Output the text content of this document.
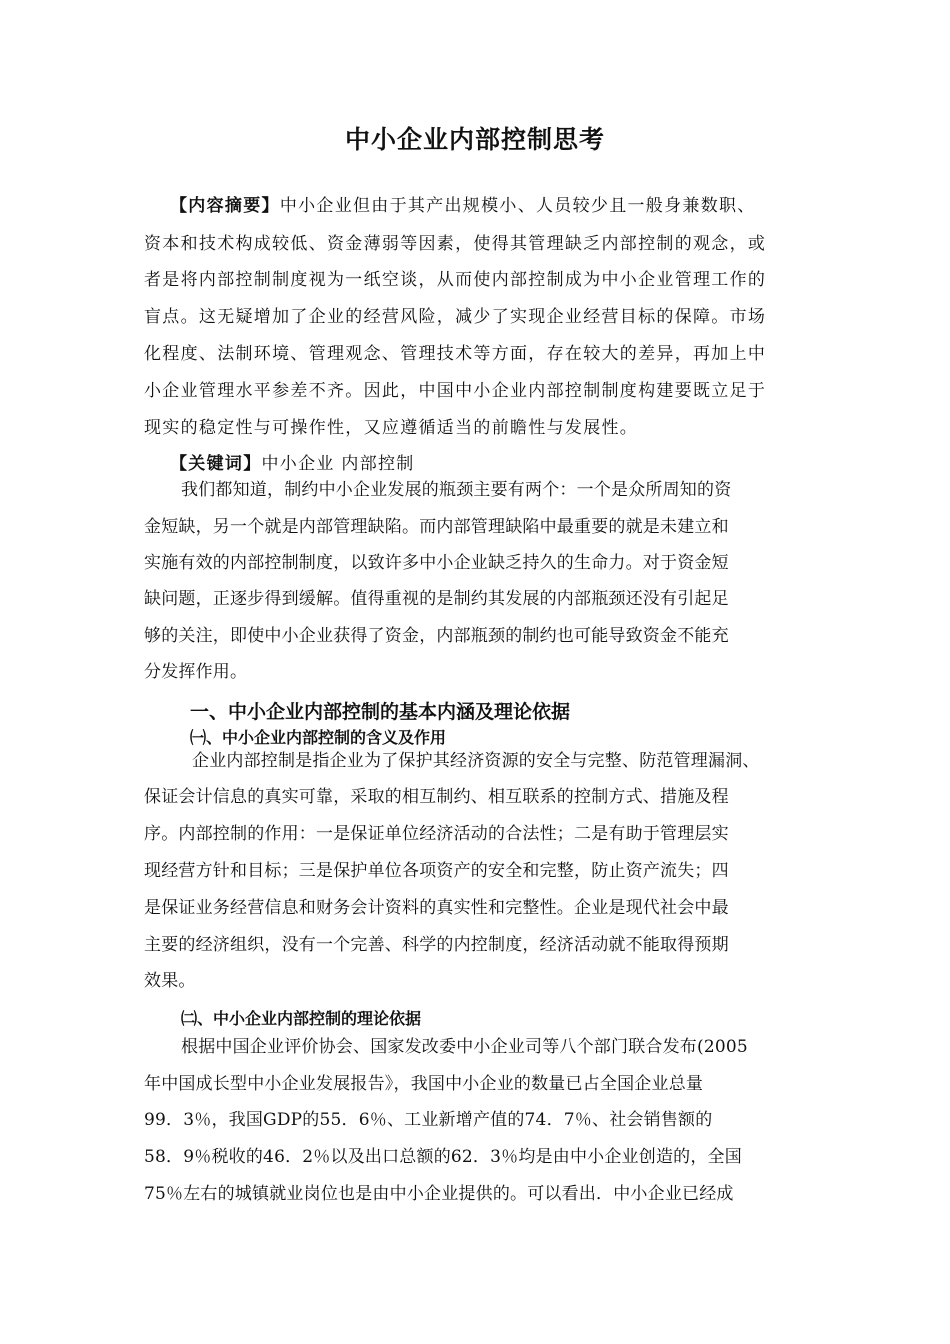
中小企业内部控制思考
【内容摘要】中小企业但由于其产出规模小、人员较少且一般身兼数职、
资本和技术构成较低、资金薄弱等因素，使得其管理缺乏内部控制的观念，或
者是将内部控制制度视为一纸空谈，从而使内部控制成为中小企业管理工作的
盲点。这无疑增加了企业的经营风险，减少了实现企业经营目标的保障。市场
化程度、法制环境、管理观念、管理技术等方面，存在较大的差异，再加上中
小企业管理水平参差不齐。因此，中国中小企业内部控制制度构建要既立足于
现实的稳定性与可操作性，又应遵循适当的前瞻性与发展性。
【关键词】中小企业 内部控制
我们都知道，制约中小企业发展的瓶颈主要有两个：一个是众所周知的资
金短缺，另一个就是内部管理缺陷。而内部管理缺陷中最重要的就是未建立和
实施有效的内部控制制度，以致许多中小企业缺乏持久的生命力。对于资金短
缺问题，正逐步得到缓解。值得重视的是制约其发展的内部瓶颈还没有引起足
够的关注，即使中小企业获得了资金，内部瓶颈的制约也可能导致资金不能充
分发挥作用。
一、中小企业内部控制的基本内涵及理论依据
㈠、中小企业内部控制的含义及作用
企业内部控制是指企业为了保护其经济资源的安全与完整、防范管理漏洞、
保证会计信息的真实可靠，采取的相互制约、相互联系的控制方式、措施及程
序。内部控制的作用：一是保证单位经济活动的合法性；二是有助于管理层实
现经营方针和目标；三是保护单位各项资产的安全和完整，防止资产流失；四
是保证业务经营信息和财务会计资料的真实性和完整性。企业是现代社会中最
主要的经济组织，没有一个完善、科学的内控制度，经济活动就不能取得预期
效果。
㈡、中小企业内部控制的理论依据
根据中国企业评价协会、国家发改委中小企业司等八个部门联合发布(2005
年中国成长型中小企业发展报告》，我国中小企业的数量已占全国企业总量
99．3％，我国GDP的55．6％、工业新增产值的74．7％、社会销售额的
58．9％税收的46．2％以及出口总额的62．3％均是由中小企业创造的，全国
75％左右的城镇就业岗位也是由中小企业提供的。可以看出．中小企业已经成
